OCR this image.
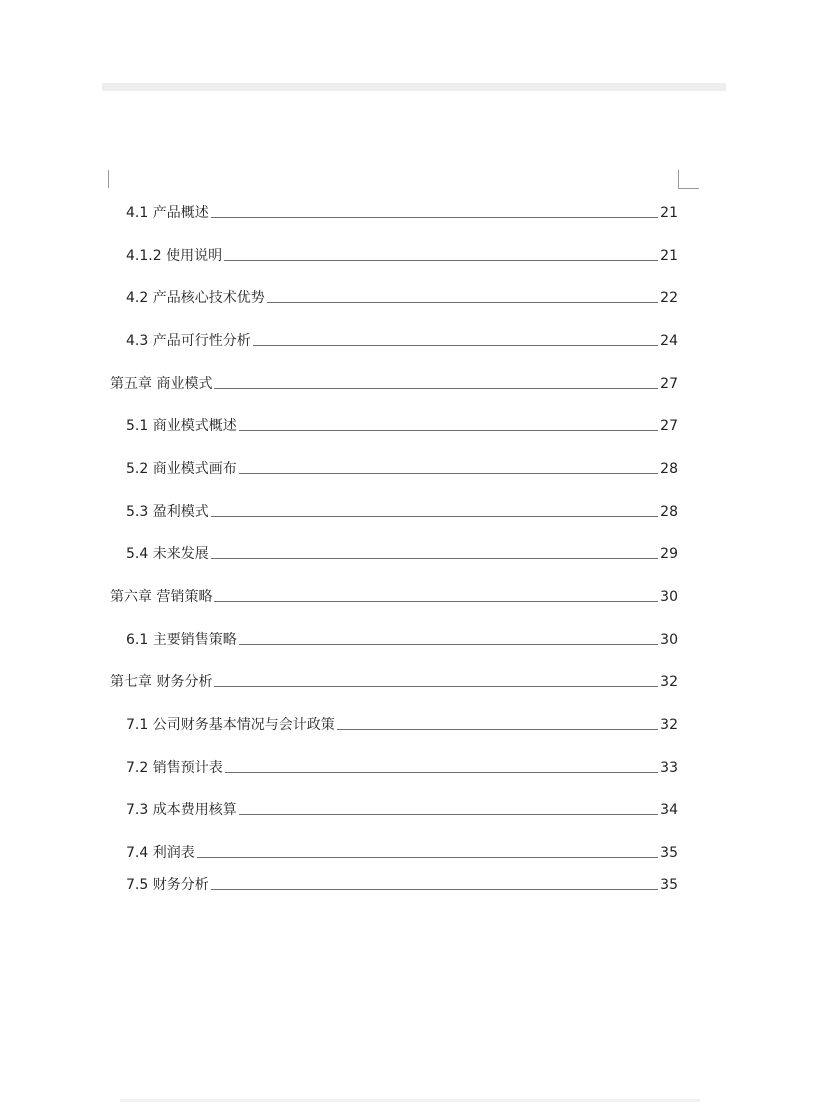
4.1 产品概述	21
4.1.2 使用说明	21
4.2 产品核心技术优势	22
4.3 产品可行性分析	24
第五章 商业模式	27
5.1 商业模式概述	27
5.2 商业模式画布	28
5.3 盈利模式	28
5.4 未来发展	29
第六章 营销策略	30
6.1 主要销售策略	30
第七章 财务分析	32
7.1 公司财务基本情况与会计政策	32
7.2 销售预计表	33
7.3 成本费用核算	34
7.4 利润表	35
7.5 财务分析	35
